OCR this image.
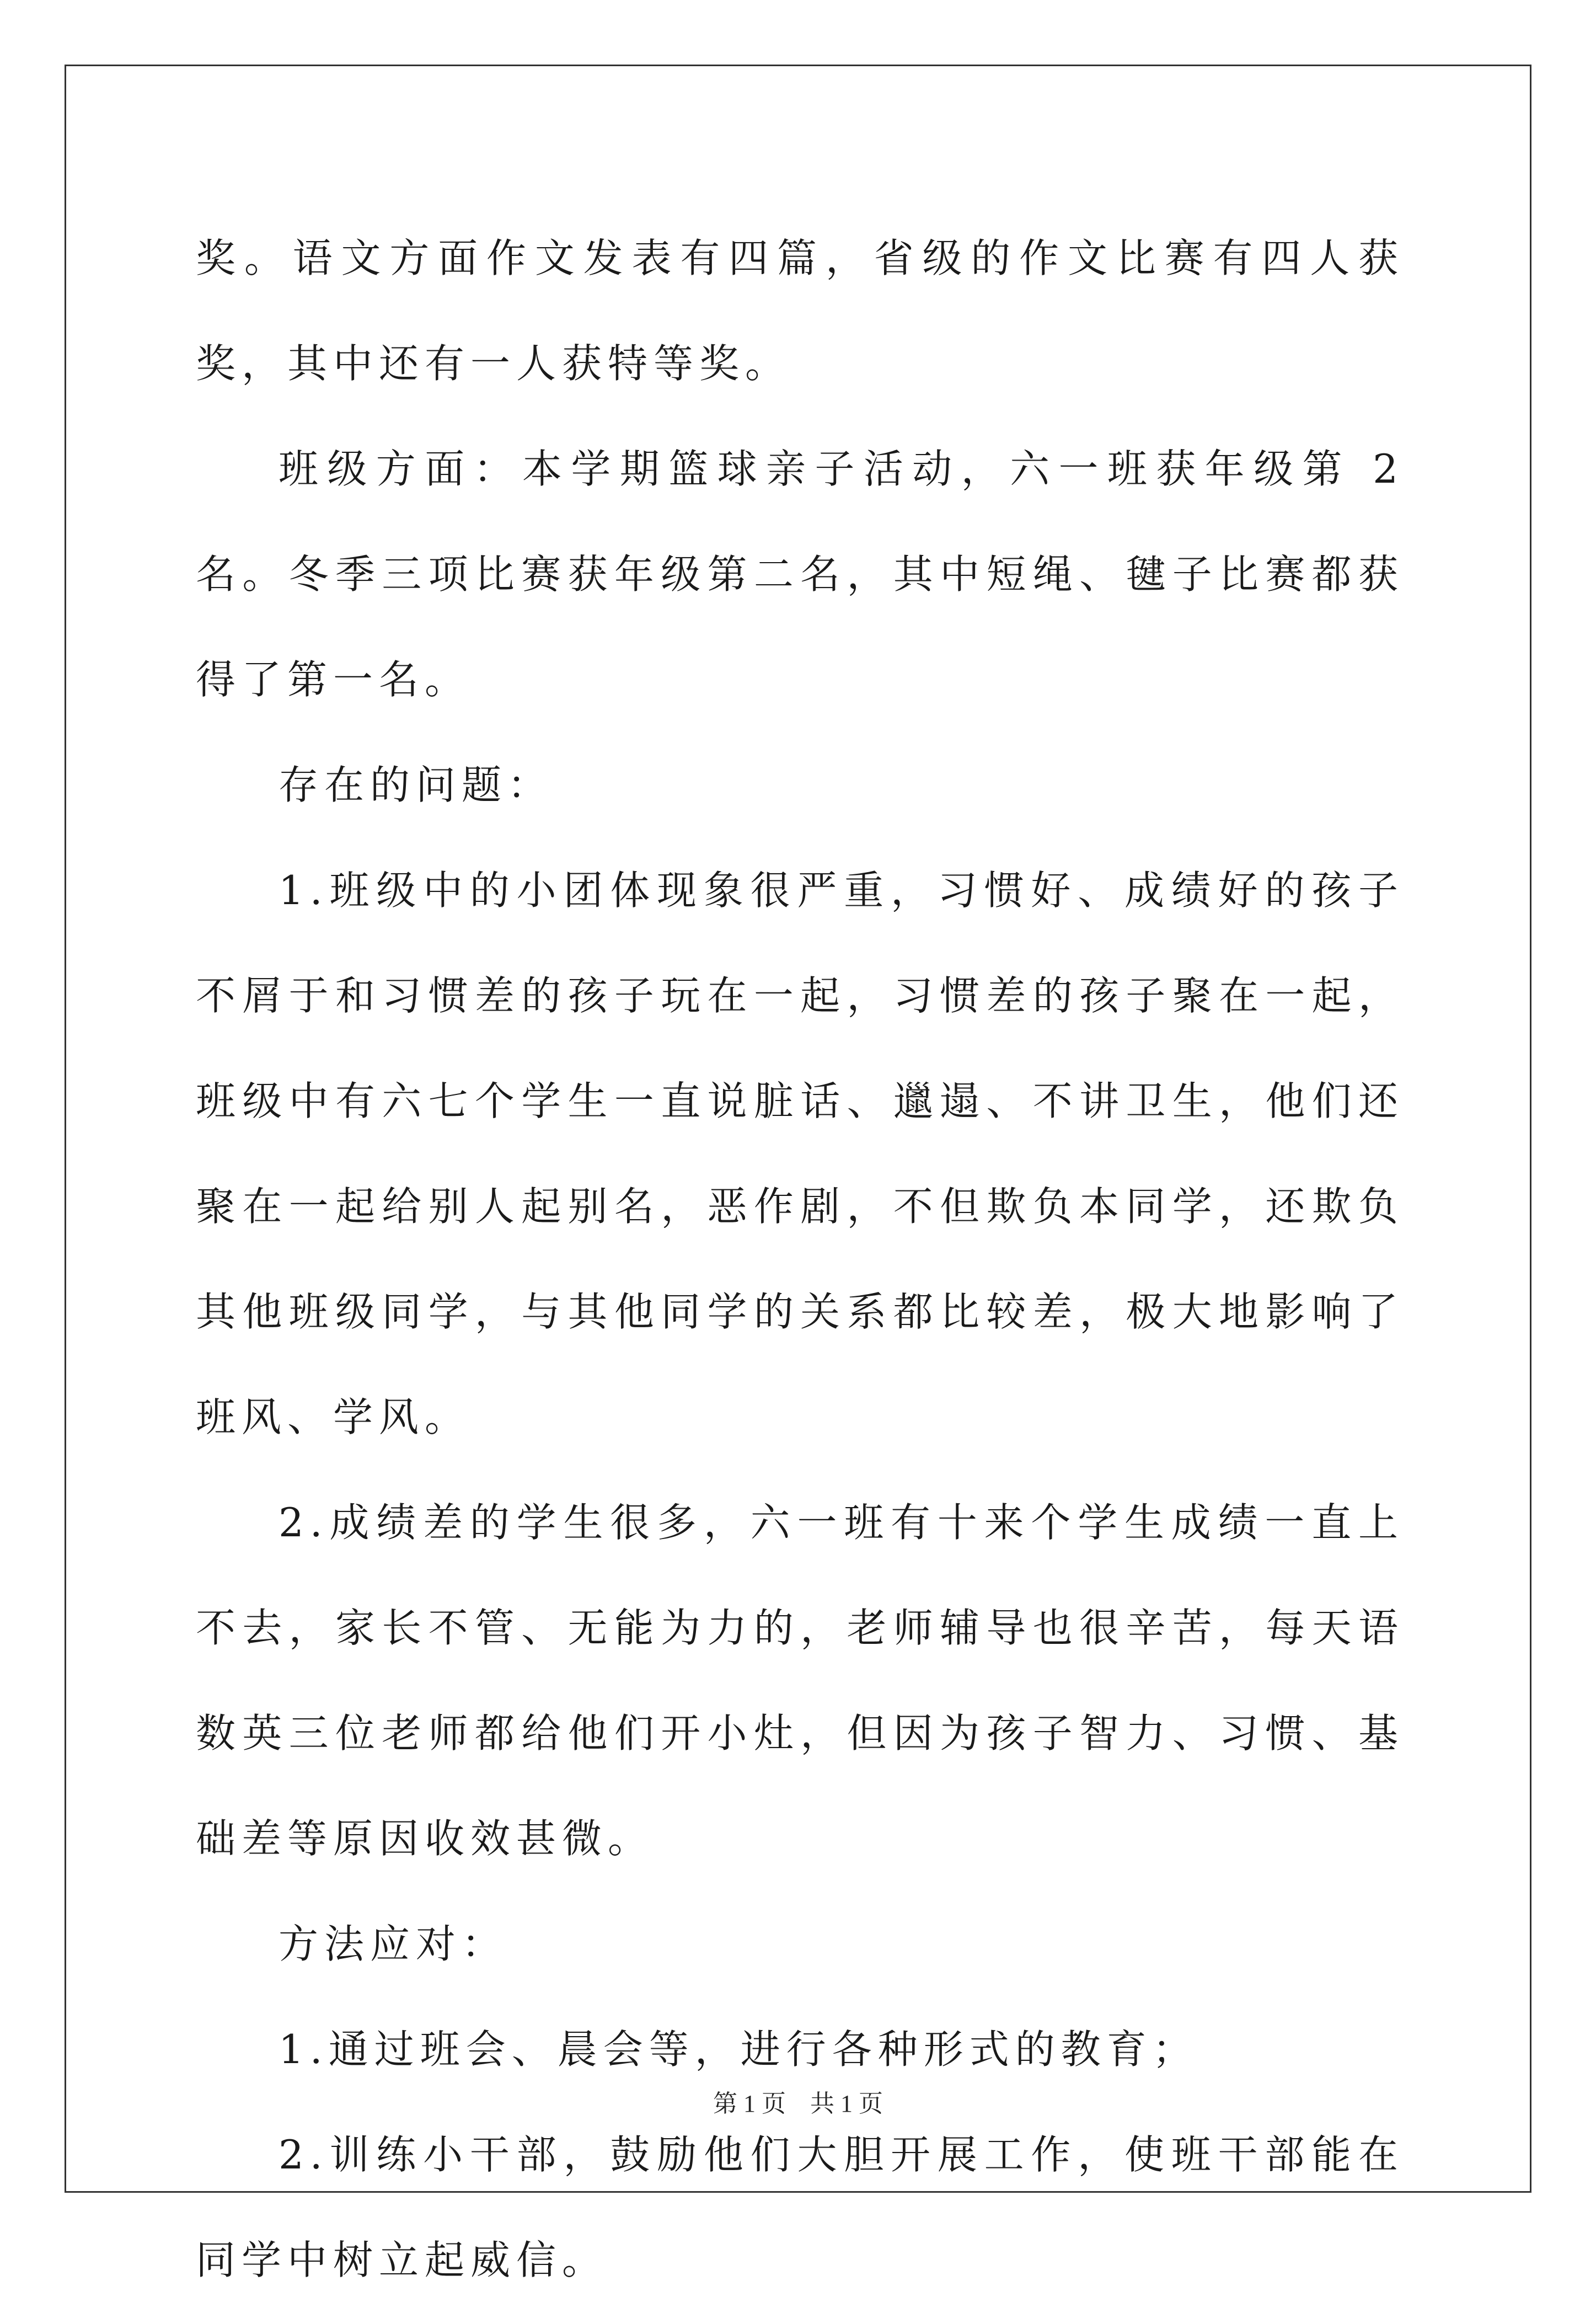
奖。语文方面作文发表有四篇，省级的作文比赛有四人获奖，其中还有一人获特等奖。

班级方面：本学期篮球亲子活动，六一班获年级第 2 名。冬季三项比赛获年级第二名，其中短绳、毽子比赛都获得了第一名。

存在的问题：

1.班级中的小团体现象很严重，习惯好、成绩好的孩子不屑于和习惯差的孩子玩在一起，习惯差的孩子聚在一起，班级中有六七个学生一直说脏话、邋遢、不讲卫生，他们还聚在一起给别人起别名，恶作剧，不但欺负本同学，还欺负其他班级同学，与其他同学的关系都比较差，极大地影响了班风、学风。

2.成绩差的学生很多，六一班有十来个学生成绩一直上不去，家长不管、无能为力的，老师辅导也很辛苦，每天语数英三位老师都给他们开小灶，但因为孩子智力、习惯、基础差等原因收效甚微。

方法应对：

1.通过班会、晨会等，进行各种形式的教育；

2.训练小干部，鼓励他们大胆开展工作，使班干部能在同学中树立起威信。

第 1 页　共 1 页
